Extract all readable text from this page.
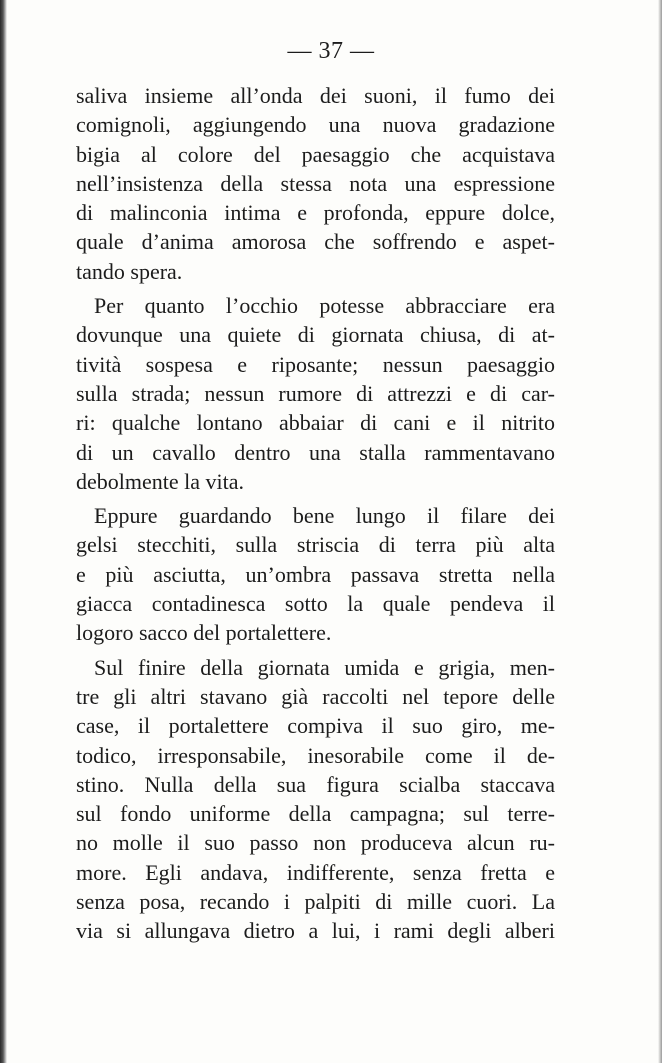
— 37 —
saliva insieme all’onda dei suoni, il fumo dei
comignoli, aggiungendo una nuova gradazione
bigia al colore del paesaggio che acquistava
nell’insistenza della stessa nota una espressione
di malinconia intima e profonda, eppure dolce,
quale d’anima amorosa che soffrendo e aspet-
tando spera.
Per quanto l’occhio potesse abbracciare era
dovunque una quiete di giornata chiusa, di at-
tività sospesa e riposante; nessun paesaggio
sulla strada; nessun rumore di attrezzi e di car-
ri: qualche lontano abbaiar di cani e il nitrito
di un cavallo dentro una stalla rammentavano
debolmente la vita.
Eppure guardando bene lungo il filare dei
gelsi stecchiti, sulla striscia di terra più alta
e più asciutta, un’ombra passava stretta nella
giacca contadinesca sotto la quale pendeva il
logoro sacco del portalettere.
Sul finire della giornata umida e grigia, men-
tre gli altri stavano già raccolti nel tepore delle
case, il portalettere compiva il suo giro, me-
todico, irresponsabile, inesorabile come il de-
stino. Nulla della sua figura scialba staccava
sul fondo uniforme della campagna; sul terre-
no molle il suo passo non produceva alcun ru-
more. Egli andava, indifferente, senza fretta e
senza posa, recando i palpiti di mille cuori. La
via si allungava dietro a lui, i rami degli alberi
